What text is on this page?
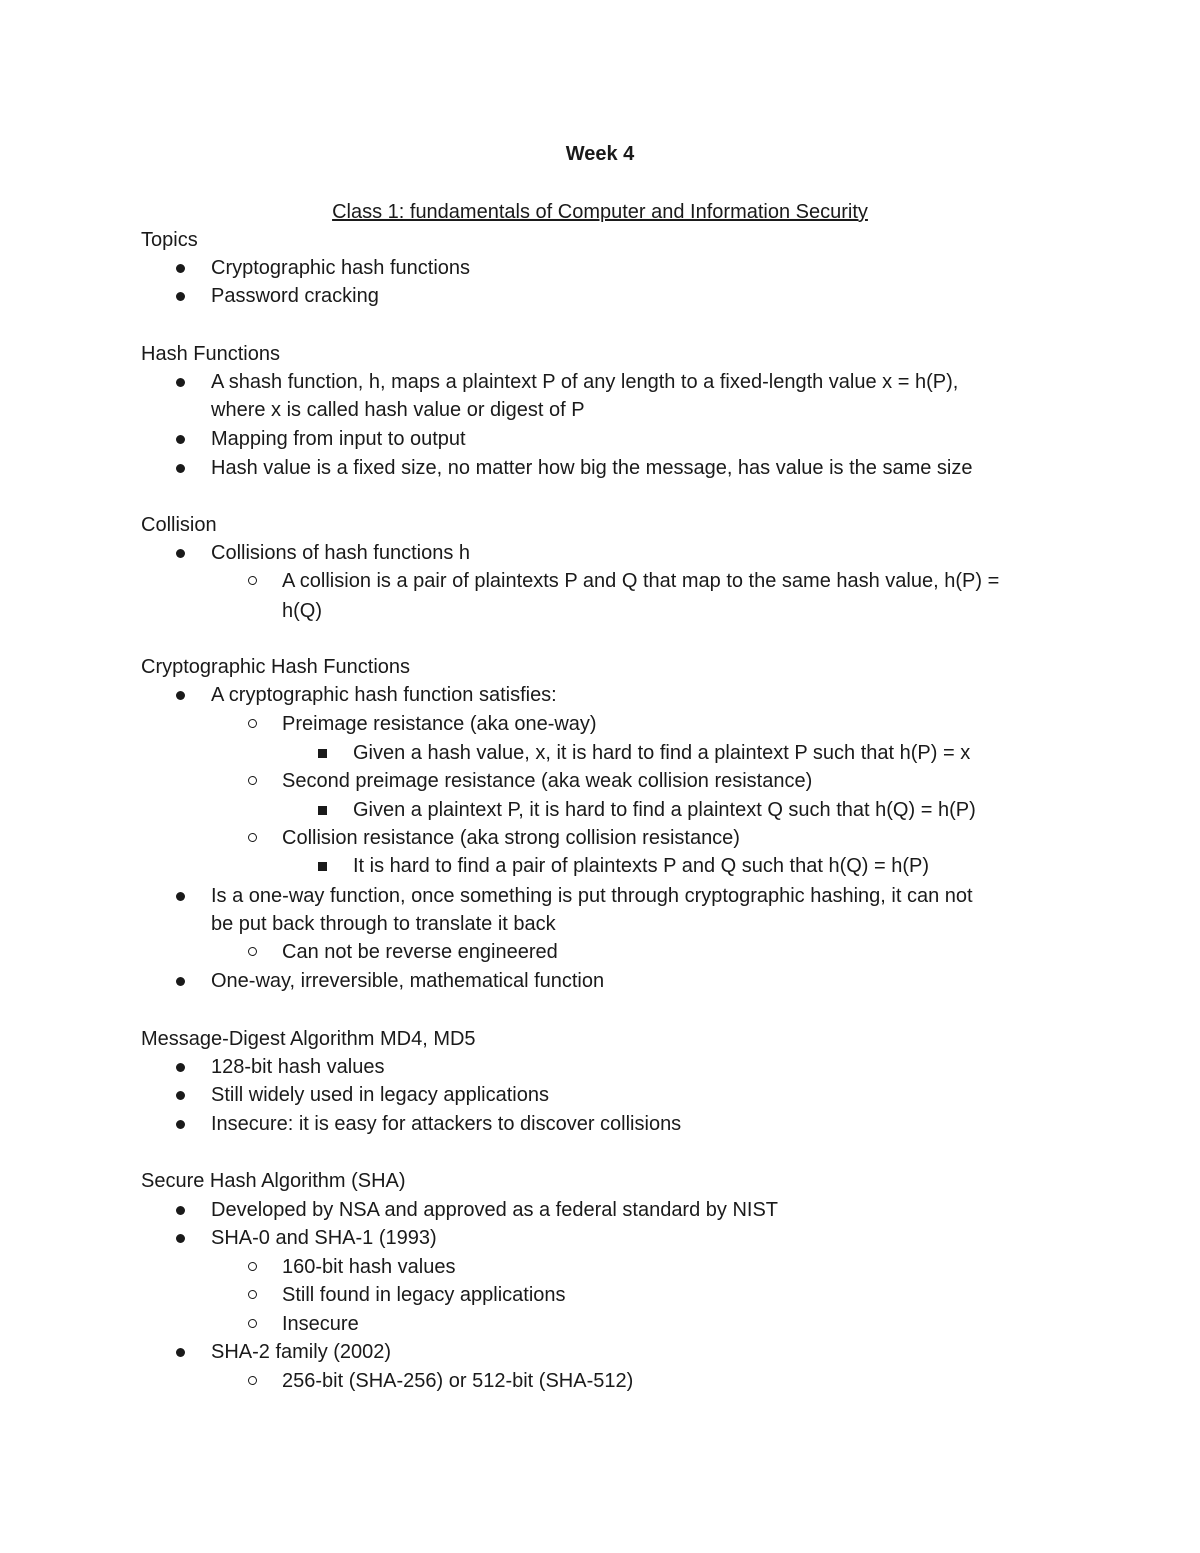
Week 4
Class 1: fundamentals of Computer and Information Security
Topics
Cryptographic hash functions
Password cracking
Hash Functions
A shash function, h, maps a plaintext P of any length to a fixed-length value x = h(P),
where x is called hash value or digest of P
Mapping from input to output
Hash value is a fixed size, no matter how big the message, has value is the same size
Collision
Collisions of hash functions h
A collision is a pair of plaintexts P and Q that map to the same hash value, h(P) =
h(Q)
Cryptographic Hash Functions
A cryptographic hash function satisfies:
Preimage resistance (aka one-way)
Given a hash value, x, it is hard to find a plaintext P such that h(P) = x
Second preimage resistance (aka weak collision resistance)
Given a plaintext P, it is hard to find a plaintext Q such that h(Q) = h(P)
Collision resistance (aka strong collision resistance)
It is hard to find a pair of plaintexts P and Q such that h(Q) = h(P)
Is a one-way function, once something is put through cryptographic hashing, it can not
be put back through to translate it back
Can not be reverse engineered
One-way, irreversible, mathematical function
Message-Digest Algorithm MD4, MD5
128-bit hash values
Still widely used in legacy applications
Insecure: it is easy for attackers to discover collisions
Secure Hash Algorithm (SHA)
Developed by NSA and approved as a federal standard by NIST
SHA-0 and SHA-1 (1993)
160-bit hash values
Still found in legacy applications
Insecure
SHA-2 family (2002)
256-bit (SHA-256) or 512-bit (SHA-512)
